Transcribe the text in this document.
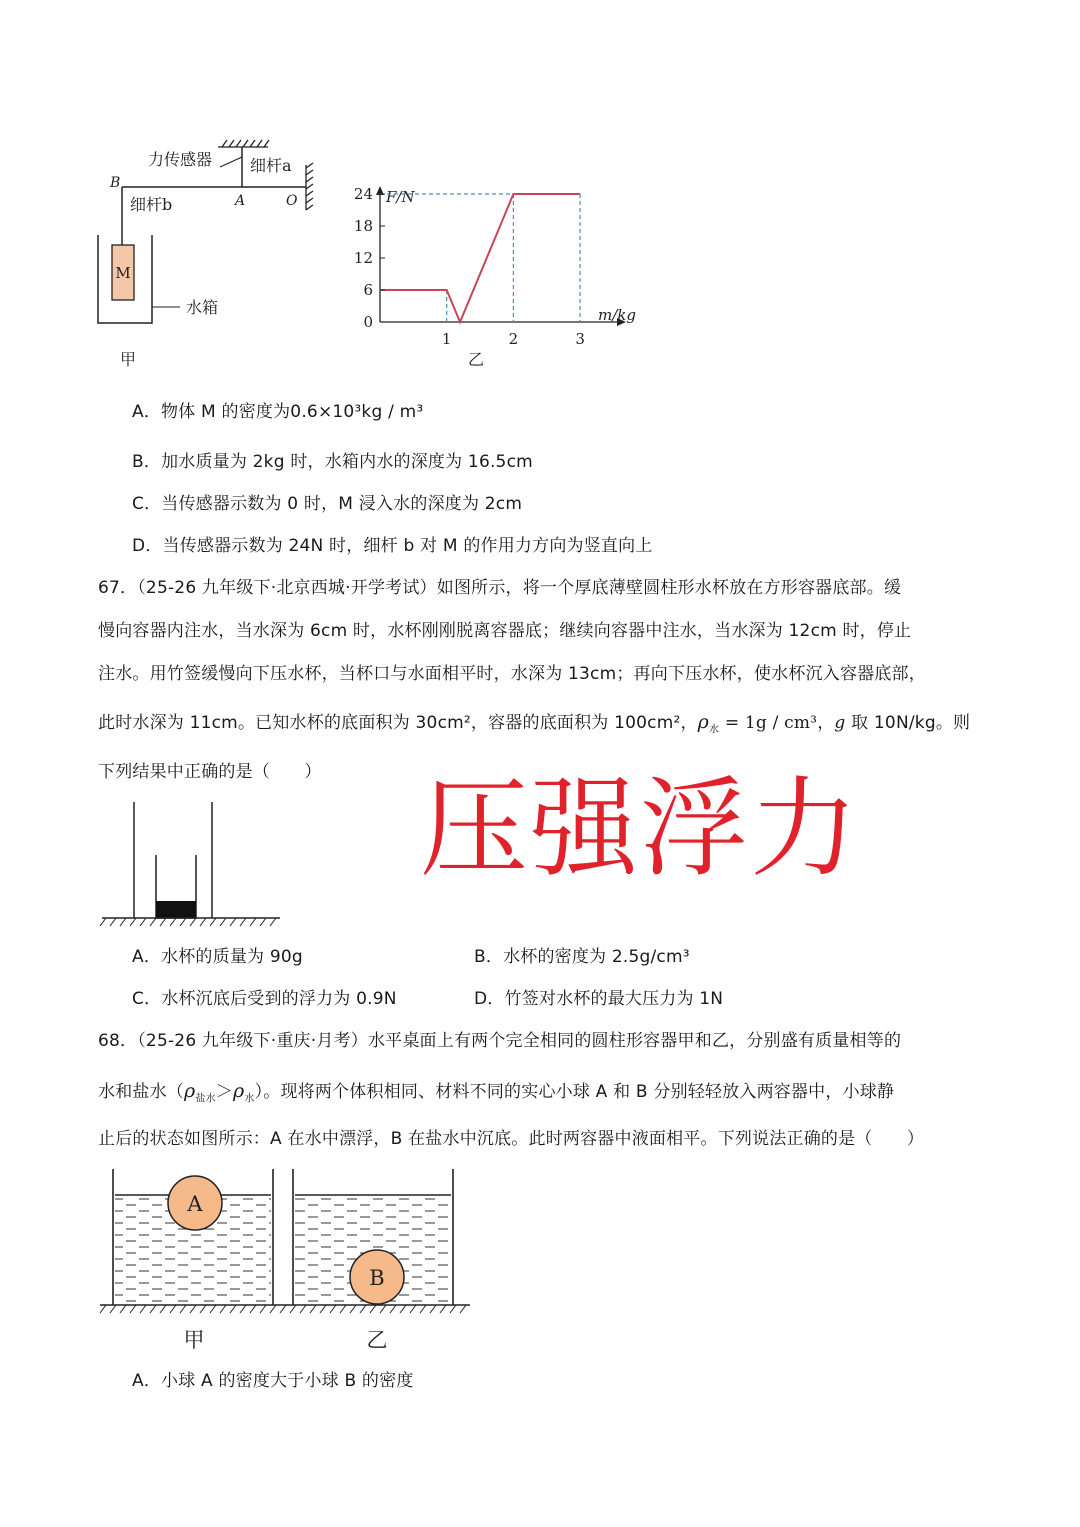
M
力传感器 细杆a
细杆b
B
A	O
水箱
甲
F/N
m/kg
乙
24
18
12
6
0
1	2	3
A．物体 M 的密度为0.6×10³kg / m³
B．加水质量为 2kg 时，水箱内水的深度为 16.5cm
C．当传感器示数为 0 时，M 浸入水的深度为 2cm
D．当传感器示数为 24N 时，细杆 b 对 M 的作用力方向为竖直向上
67．（25-26 九年级下·北京西城·开学考试）如图所示，将一个厚底薄壁圆柱形水杯放在方形容器底部。缓
慢向容器内注水，当水深为 6cm 时，水杯刚刚脱离容器底；继续向容器中注水，当水深为 12cm 时，停止
注水。用竹签缓慢向下压水杯，当杯口与水面相平时，水深为 13cm；再向下压水杯，使水杯沉入容器底部，
此时水深为 11cm。已知水杯的底面积为 30cm²，容器的底面积为 100cm²，$\rho_水 = 1g / cm^3$，g 取 10N/kg。则
下列结果中正确的是（　　） 压强浮力
A．水杯的质量为 90g	B．水杯的密度为 2.5g/cm³
C．水杯沉底后受到的浮力为 0.9N	D．竹签对水杯的最大压力为 1N
68．（25-26 九年级下·重庆·月考）水平桌面上有两个完全相同的圆柱形容器甲和乙，分别盛有质量相等的
水和盐水$(\rho_{盐水}>\rho_水)$。现将两个体积相同、材料不同的实心小球 A 和 B 分别轻轻放入两容器中，小球静
止后的状态如图所示：A 在水中漂浮，B 在盐水中沉底。此时两容器中液面相平。下列说法正确的是（　　）
A
B
甲	乙
A．小球 A 的密度大于小球 B 的密度
